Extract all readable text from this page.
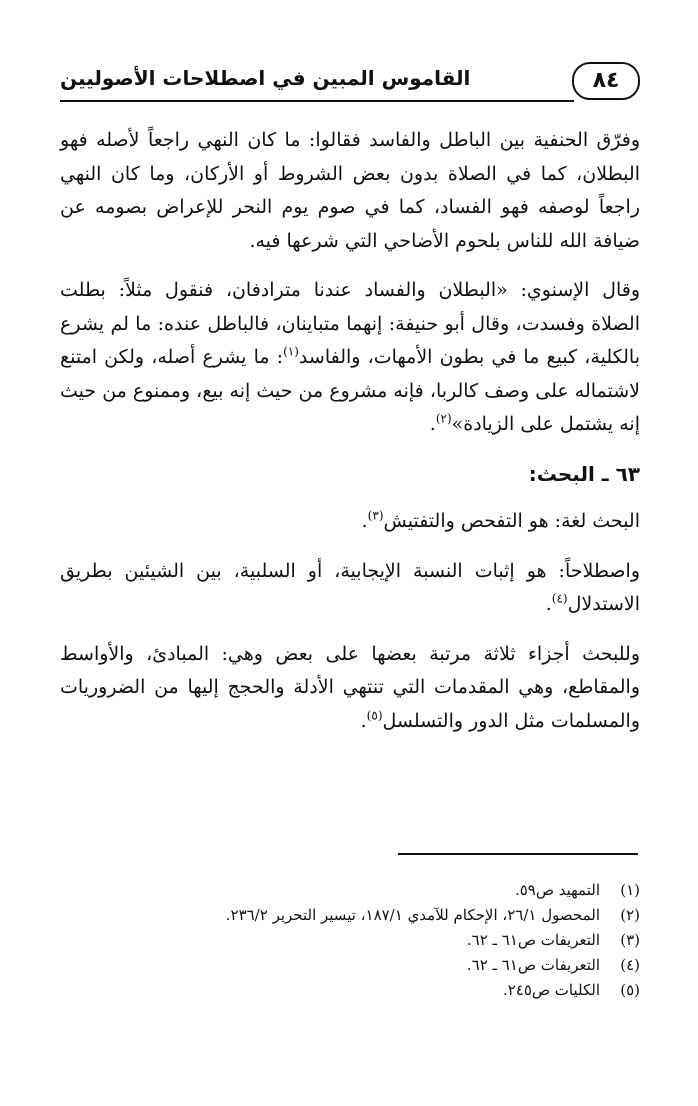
٨٤
القاموس المبين في اصطلاحات الأصوليين

وفرّق الحنفية بين الباطل والفاسد فقالوا: ما كان النهي راجعاً لأصله فهو البطلان، كما في الصلاة بدون بعض الشروط أو الأركان، وما كان النهي راجعاً لوصفه فهو الفساد، كما في صوم يوم النحر للإعراض بصومه عن ضيافة الله للناس بلحوم الأضاحي التي شرعها فيه.

وقال الإسنوي: «البطلان والفساد عندنا مترادفان، فنقول مثلاً: بطلت الصلاة وفسدت، وقال أبو حنيفة: إنهما متباينان، فالباطل عنده: ما لم يشرع بالكلية، كبيع ما في بطون الأمهات، والفاسد$^{(١)}$: ما يشرع أصله، ولكن امتنع لاشتماله على وصف كالربا، فإنه مشروع من حيث إنه بيع، وممنوع من حيث إنه يشتمل على الزيادة»$^{(٢)}$.

٦٣ ـ البحث:

البحث لغة: هو التفحص والتفتيش$^{(٣)}$.

واصطلاحاً: هو إثبات النسبة الإيجابية، أو السلبية، بين الشيئين بطريق الاستدلال$^{(٤)}$.

وللبحث أجزاء ثلاثة مرتبة بعضها على بعض وهي: المبادئ، والأواسط والمقاطع، وهي المقدمات التي تنتهي الأدلة والحجج إليها من الضروريات والمسلمات مثل الدور والتسلسل$^{(٥)}$.

(١)التمهيد ص٥٩.
(٢)المحصول ٢٦/١، الإحكام للآمدي ١٨٧/١، تيسير التحرير ٢٣٦/٢.
(٣)التعريفات ص٦١ ـ ٦٢.
(٤)التعريفات ص٦١ ـ ٦٢.
(٥)الكليات ص٢٤٥.
